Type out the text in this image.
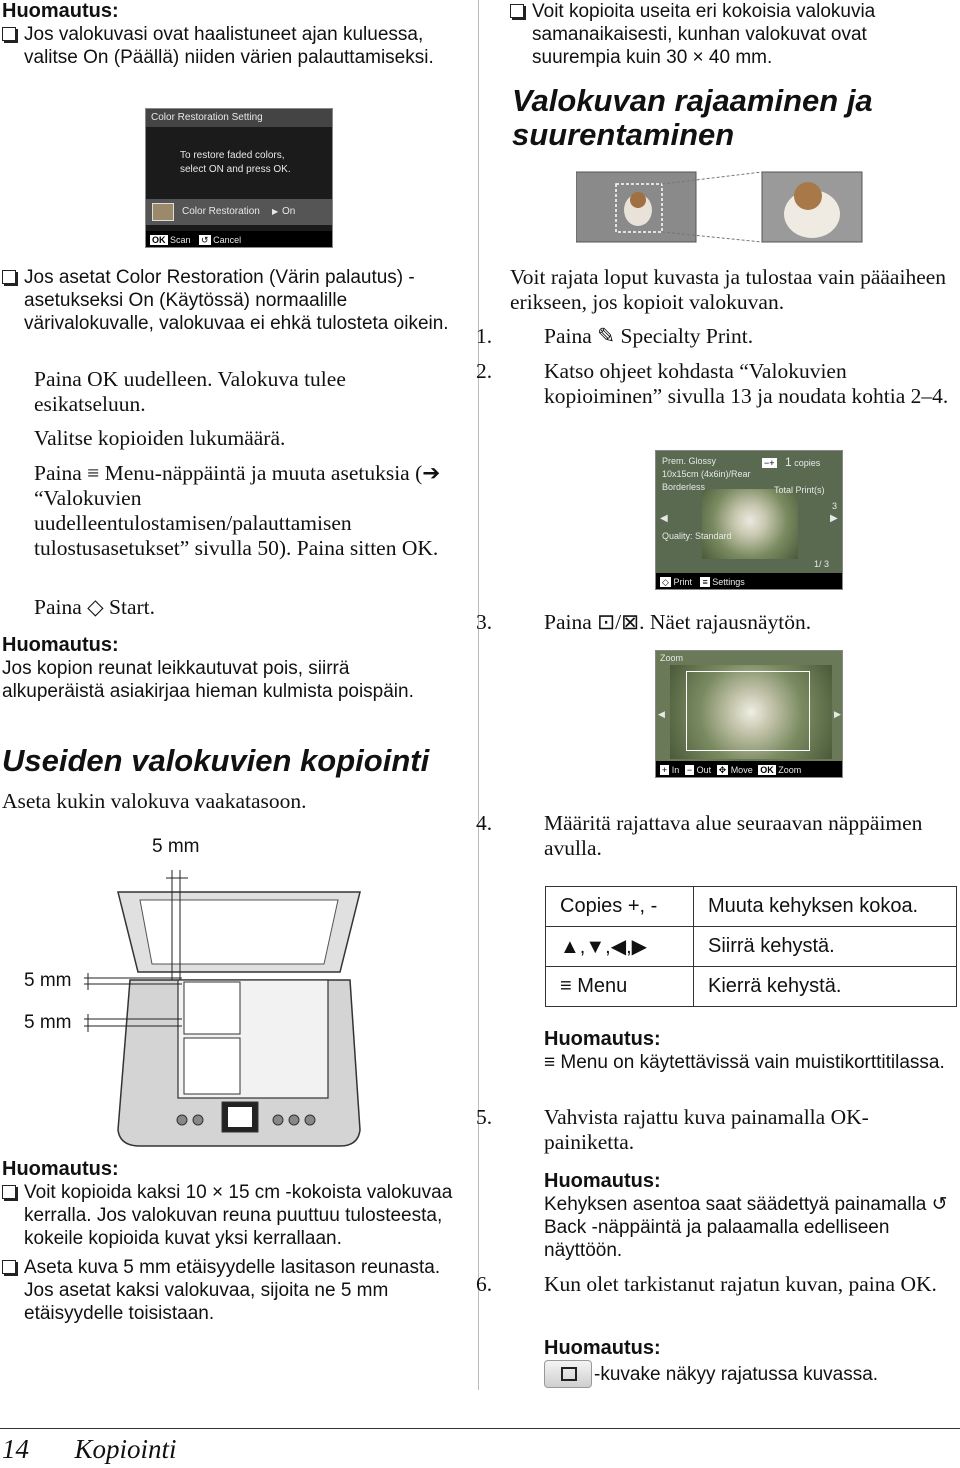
Huomautus:
Jos valokuvasi ovat haalistuneet ajan kuluessa, valitse On (Päällä) niiden värien palauttamiseksi.
Color Restoration Setting
To restore faded colors,
select ON and press OK.
Color Restoration ▶ On
OK Scan ↺ Cancel
Jos asetat Color Restoration (Värin palautus) -asetukseksi On (Käytössä) normaalille värivalokuvalle, valokuvaa ei ehkä tulosteta oikein.
Paina OK uudelleen. Valokuva tulee esikatseluun.
Valitse kopioiden lukumäärä.
Paina ≡ Menu-näppäintä ja muuta asetuksia (➔ “Valokuvien uudelleentulostamisen/palauttamisen tulostusasetukset” sivulla 50). Paina sitten OK.
Paina ◇ Start.
Huomautus:
Jos kopion reunat leikkautuvat pois, siirrä alkuperäistä asiakirjaa hieman kulmista poispäin.
Useiden valokuvien kopiointi
Aseta kukin valokuva vaakatasoon.
5 mm
5 mm
5 mm
Huomautus:
Voit kopioida kaksi 10 × 15 cm -kokoista valokuvaa kerralla. Jos valokuvan reuna puuttuu tulosteesta, kokeile kopioida kuvat yksi kerrallaan.
Aseta kuva 5 mm etäisyydelle lasitason reunasta. Jos asetat kaksi valokuvaa, sijoita ne 5 mm etäisyydelle toisistaan.
Voit kopioita useita eri kokoisia valokuvia samanaikaisesti, kunhan valokuvat ovat suurempia kuin 30 × 40 mm.
Valokuvan rajaaminen ja
suurentaminen
Voit rajata loput kuvasta ja tulostaa vain pääaiheen erikseen, jos kopioit valokuvan.
1. Paina ✎ Specialty Print.
2. Katso ohjeet kohdasta “Valokuvien kopioiminen” sivulla 13 ja noudata kohtia 2–4.
Prem. Glossy
10x15cm (4x6in)/Rear
Borderless
−+ 1 copies
Total Print(s)
3
◀	▶
Quality: Standard
1/ 3
◇ Print ≡ Settings
3. Paina ⊡/⊠. Näet rajausnäytön.
Zoom
◀	▶
+ In − Out ✥ Move OK Zoom
4. Määritä rajattava alue seuraavan näppäimen avulla.
Copies +, -	Muuta kehyksen kokoa.
▲,▼,◀,▶	Siirrä kehystä.
≡ Menu	Kierrä kehystä.
Huomautus:
≡ Menu on käytettävissä vain muistikorttitilassa.
5. Vahvista rajattu kuva painamalla OK-painiketta.
Huomautus:
Kehyksen asentoa saat säädettyä painamalla ↺ Back -näppäintä ja palaamalla edelliseen näyttöön.
6. Kun olet tarkistanut rajatun kuvan, paina OK.
Huomautus:
-kuvake näkyy rajatussa kuvassa.
14 Kopiointi
